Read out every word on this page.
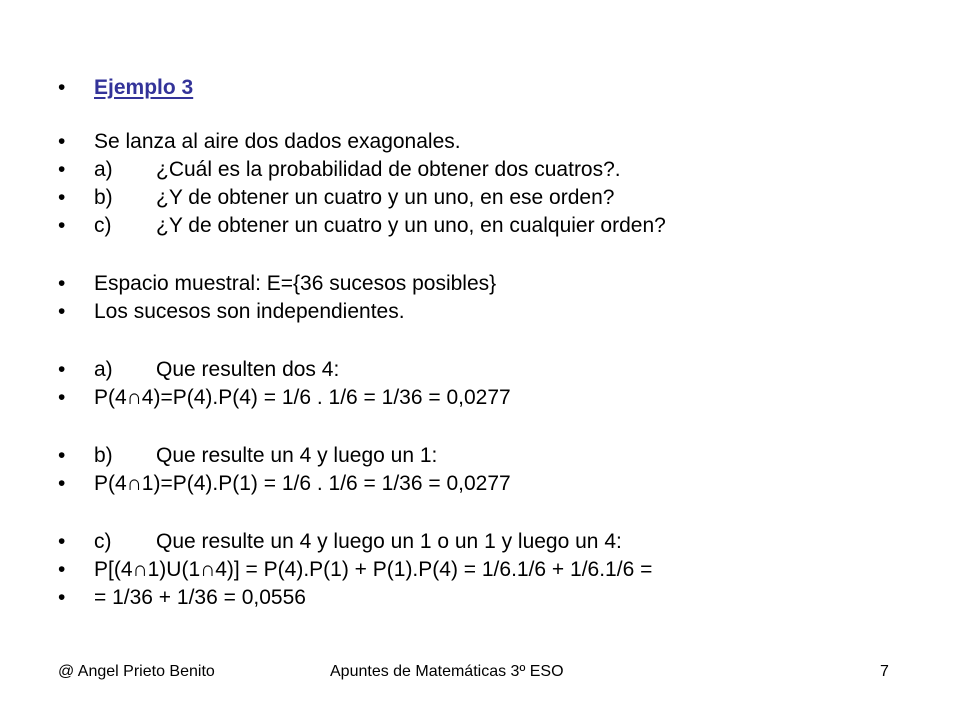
• Ejemplo 3
• Se lanza al aire dos dados exagonales.
• a) ¿Cuál es la probabilidad de obtener dos cuatros?.
• b) ¿Y de obtener un cuatro y un uno, en ese orden?
• c) ¿Y de obtener un cuatro y un uno, en cualquier orden?
• Espacio muestral: E={36 sucesos posibles}
• Los sucesos son independientes.
• a) Que resulten dos 4:
• P(4∩4)=P(4).P(4) = 1/6 . 1/6 = 1/36 = 0,0277
• b) Que resulte un 4 y luego un 1:
• P(4∩1)=P(4).P(1) = 1/6 . 1/6 = 1/36 = 0,0277
• c) Que resulte un 4 y luego un 1 o un 1 y luego un 4:
• P[(4∩1)U(1∩4)] = P(4).P(1) + P(1).P(4) = 1/6.1/6 + 1/6.1/6 =
• = 1/36 + 1/36 = 0,0556
@ Angel Prieto Benito	Apuntes de Matemáticas 3º ESO	7
